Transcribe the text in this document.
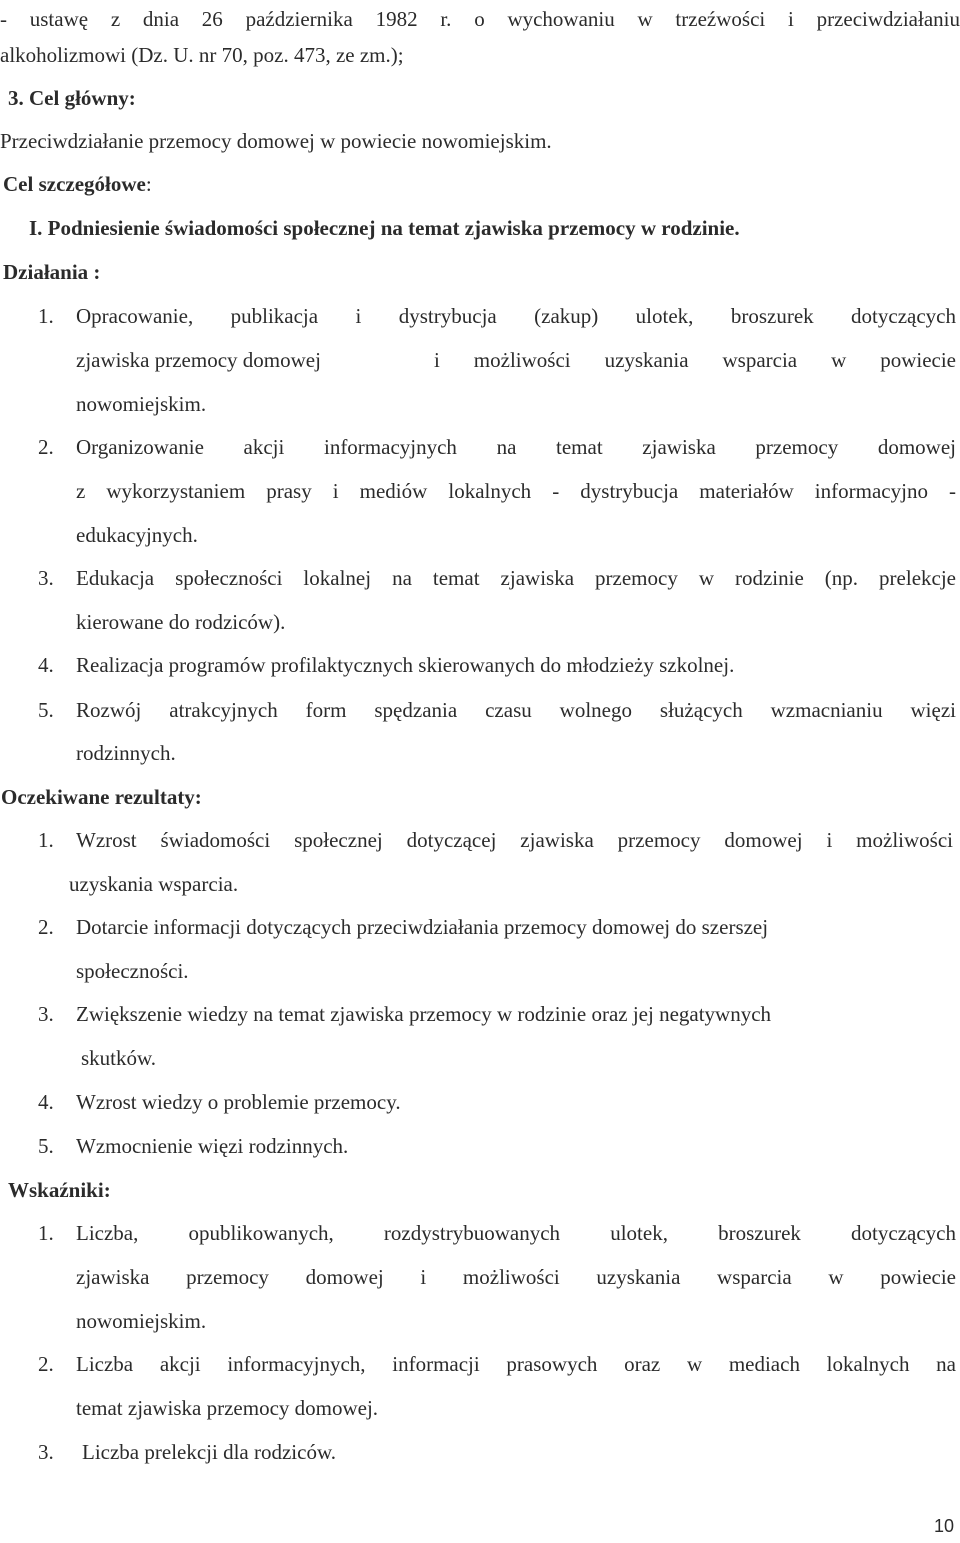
- ustawę z dnia 26 października 1982 r. o wychowaniu w trzeźwości i przeciwdziałaniu
alkoholizmowi (Dz. U. nr 70, poz. 473, ze zm.);
3. Cel główny:
Przeciwdziałanie przemocy domowej w powiecie nowomiejskim.
Cel szczegółowe:
I. Podniesienie świadomości społecznej na temat zjawiska przemocy w rodzinie.
Działania :
1. Opracowanie, publikacja i dystrybucja (zakup) ulotek, broszurek dotyczących
zjawiska przemocy domowej	i możliwości uzyskania wsparcia w powiecie
nowomiejskim.
2. Organizowanie akcji informacyjnych na temat zjawiska przemocy domowej
z wykorzystaniem prasy i mediów lokalnych - dystrybucja materiałów informacyjno -
edukacyjnych.
3. Edukacja społeczności lokalnej na temat zjawiska przemocy w rodzinie (np. prelekcje
kierowane do rodziców).
4. Realizacja programów profilaktycznych skierowanych do młodzieży szkolnej.
5. Rozwój atrakcyjnych form spędzania czasu wolnego służących wzmacnianiu więzi
rodzinnych.
Oczekiwane rezultaty:
1. Wzrost świadomości społecznej dotyczącej zjawiska przemocy domowej i możliwości
uzyskania wsparcia.
2. Dotarcie informacji dotyczących przeciwdziałania przemocy domowej do szerszej
społeczności.
3. Zwiększenie wiedzy na temat zjawiska przemocy w rodzinie oraz jej negatywnych
skutków.
4. Wzrost wiedzy o problemie przemocy.
5. Wzmocnienie więzi rodzinnych.
Wskaźniki:
1. Liczba, opublikowanych, rozdystrybuowanych ulotek, broszurek dotyczących
zjawiska przemocy domowej i możliwości uzyskania wsparcia w powiecie
nowomiejskim.
2. Liczba akcji informacyjnych, informacji prasowych oraz w mediach lokalnych na
temat zjawiska przemocy domowej.
3. Liczba prelekcji dla rodziców.
10
